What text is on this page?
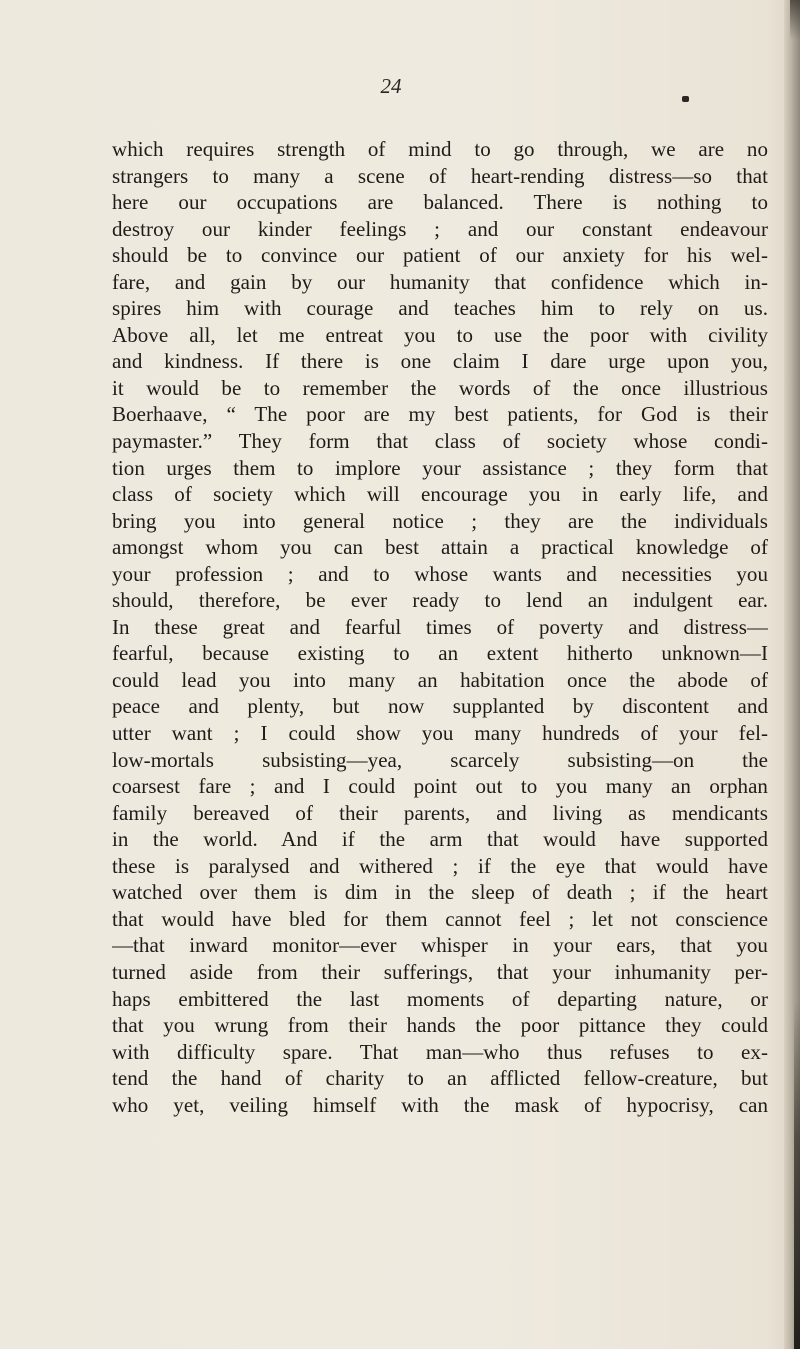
24
which requires strength of mind to go through, we are no
strangers to many a scene of heart-rending distress—so that
here our occupations are balanced. There is nothing to
destroy our kinder feelings ; and our constant endeavour
should be to convince our patient of our anxiety for his wel-
fare, and gain by our humanity that confidence which in-
spires him with courage and teaches him to rely on us.
Above all, let me entreat you to use the poor with civility
and kindness. If there is one claim I dare urge upon you,
it would be to remember the words of the once illustrious
Boerhaave, “ The poor are my best patients, for God is their
paymaster.” They form that class of society whose condi-
tion urges them to implore your assistance ; they form that
class of society which will encourage you in early life, and
bring you into general notice ; they are the individuals
amongst whom you can best attain a practical knowledge of
your profession ; and to whose wants and necessities you
should, therefore, be ever ready to lend an indulgent ear.
In these great and fearful times of poverty and distress—
fearful, because existing to an extent hitherto unknown—I
could lead you into many an habitation once the abode of
peace and plenty, but now supplanted by discontent and
utter want ; I could show you many hundreds of your fel-
low-mortals subsisting—yea, scarcely subsisting—on the
coarsest fare ; and I could point out to you many an orphan
family bereaved of their parents, and living as mendicants
in the world. And if the arm that would have supported
these is paralysed and withered ; if the eye that would have
watched over them is dim in the sleep of death ; if the heart
that would have bled for them cannot feel ; let not conscience
—that inward monitor—ever whisper in your ears, that you
turned aside from their sufferings, that your inhumanity per-
haps embittered the last moments of departing nature, or
that you wrung from their hands the poor pittance they could
with difficulty spare. That man—who thus refuses to ex-
tend the hand of charity to an afflicted fellow-creature, but
who yet, veiling himself with the mask of hypocrisy, can
